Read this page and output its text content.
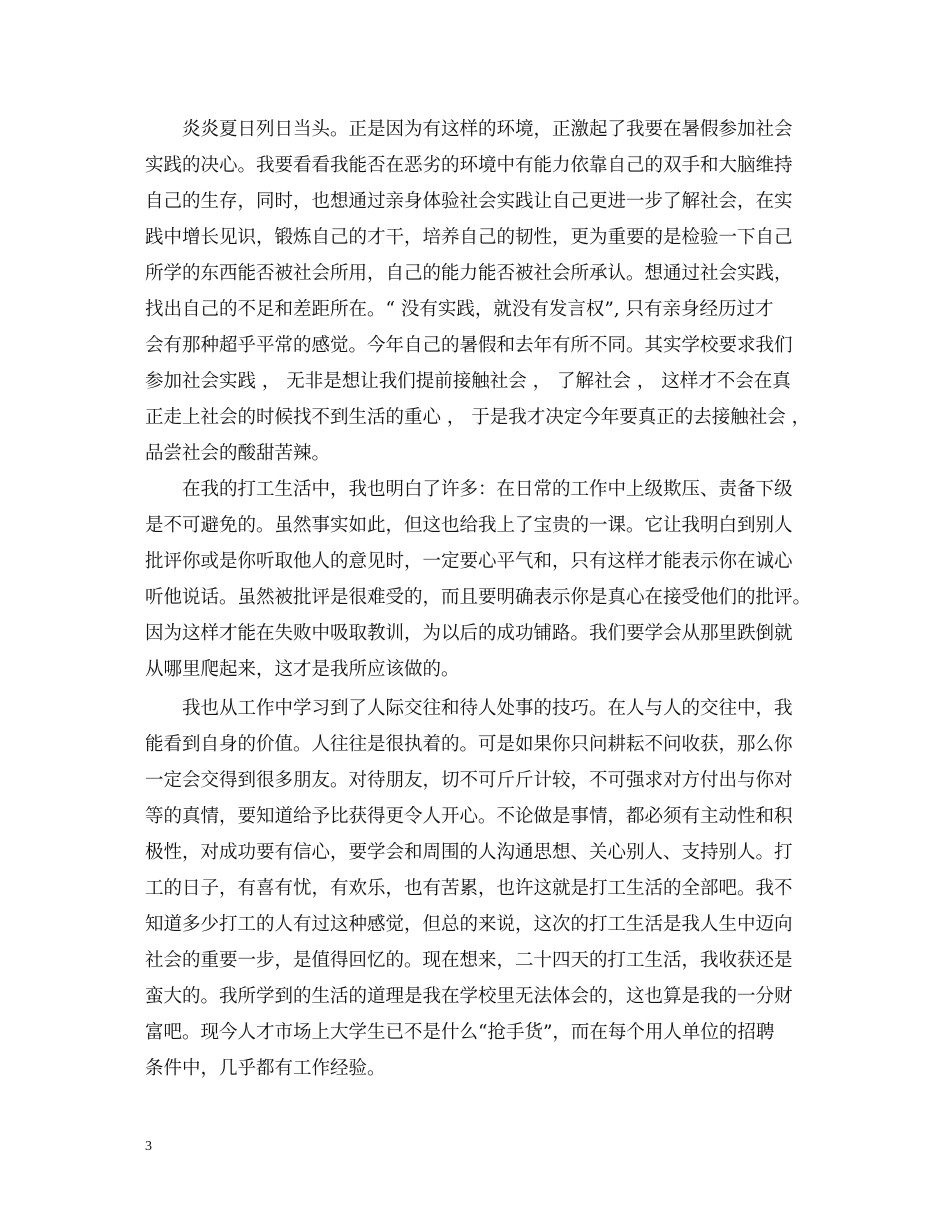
　　炎炎夏日列日当头。正是因为有这样的环境，正激起了我要在暑假参加社会
实践的决心。我要看看我能否在恶劣的环境中有能力依靠自己的双手和大脑维持
自己的生存，同时，也想通过亲身体验社会实践让自己更进一步了解社会，在实
践中增长见识，锻炼自己的才干，培养自己的韧性，更为重要的是检验一下自己
所学的东西能否被社会所用，自己的能力能否被社会所承认。想通过社会实践，
找出自己的不足和差距所在。“ 没有实践，就没有发言权”, 只有亲身经历过才
会有那种超乎平常的感觉。今年自己的暑假和去年有所不同。其实学校要求我们
参加社会实践 ， 无非是想让我们提前接触社会 ， 了解社会 ， 这样才不会在真
正走上社会的时候找不到生活的重心 ， 于是我才决定今年要真正的去接触社会 ，
品尝社会的酸甜苦辣。
　　在我的打工生活中，我也明白了许多：在日常的工作中上级欺压、责备下级
是不可避免的。虽然事实如此，但这也给我上了宝贵的一课。它让我明白到别人
批评你或是你听取他人的意见时，一定要心平气和，只有这样才能表示你在诚心
听他说话。虽然被批评是很难受的，而且要明确表示你是真心在接受他们的批评。
因为这样才能在失败中吸取教训，为以后的成功铺路。我们要学会从那里跌倒就
从哪里爬起来，这才是我所应该做的。
　　我也从工作中学习到了人际交往和待人处事的技巧。在人与人的交往中，我
能看到自身的价值。人往往是很执着的。可是如果你只问耕耘不问收获，那么你
一定会交得到很多朋友。对待朋友，切不可斤斤计较，不可强求对方付出与你对
等的真情，要知道给予比获得更令人开心。不论做是事情，都必须有主动性和积
极性，对成功要有信心，要学会和周围的人沟通思想、关心别人、支持别人。打
工的日子，有喜有忧，有欢乐，也有苦累，也许这就是打工生活的全部吧。我不
知道多少打工的人有过这种感觉，但总的来说，这次的打工生活是我人生中迈向
社会的重要一步，是值得回忆的。现在想来，二十四天的打工生活，我收获还是
蛮大的。我所学到的生活的道理是我在学校里无法体会的，这也算是我的一分财
富吧。现今人才市场上大学生已不是什么“抢手货”，而在每个用人单位的招聘
条件中，几乎都有工作经验。
3
